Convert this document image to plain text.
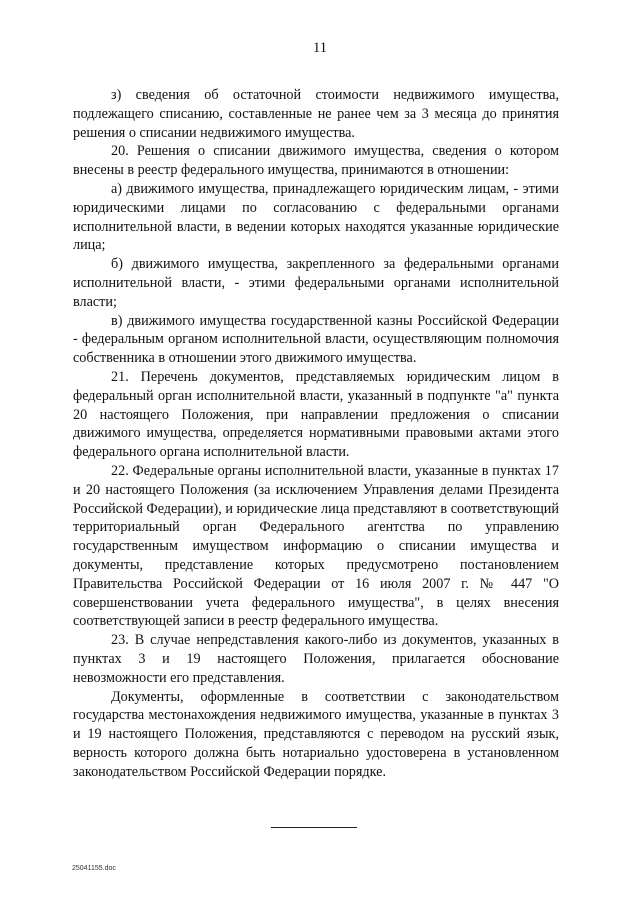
11

з) сведения об остаточной стоимости недвижимого имущества, подлежащего списанию, составленные не ранее чем за 3 месяца до принятия решения о списании недвижимого имущества.

20. Решения о списании движимого имущества, сведения о котором внесены в реестр федерального имущества, принимаются в отношении:

а) движимого имущества, принадлежащего юридическим лицам, - этими юридическими лицами по согласованию с федеральными органами исполнительной власти, в ведении которых находятся указанные юридические лица;

б) движимого имущества, закрепленного за федеральными органами исполнительной власти, - этими федеральными органами исполнительной власти;

в) движимого имущества государственной казны Российской Федерации - федеральным органом исполнительной власти, осуществляющим полномочия собственника в отношении этого движимого имущества.

21. Перечень документов, представляемых юридическим лицом в федеральный орган исполнительной власти, указанный в подпункте "а" пункта 20 настоящего Положения, при направлении предложения о списании движимого имущества, определяется нормативными правовыми актами этого федерального органа исполнительной власти.

22. Федеральные органы исполнительной власти, указанные в пунктах 17 и 20 настоящего Положения (за исключением Управления делами Президента Российской Федерации), и юридические лица представляют в соответствующий территориальный орган Федерального агентства по управлению государственным имуществом информацию о списании имущества и документы, представление которых предусмотрено постановлением Правительства Российской Федерации от 16 июля 2007 г. № 447 "О совершенствовании учета федерального имущества", в целях внесения соответствующей записи в реестр федерального имущества.

23. В случае непредставления какого-либо из документов, указанных в пунктах 3 и 19 настоящего Положения, прилагается обоснование невозможности его представления.

Документы, оформленные в соответствии с законодательством государства местонахождения недвижимого имущества, указанные в пунктах 3 и 19 настоящего Положения, представляются с переводом на русский язык, верность которого должна быть нотариально удостоверена в установленном законодательством Российской Федерации порядке.

25041155.doc
